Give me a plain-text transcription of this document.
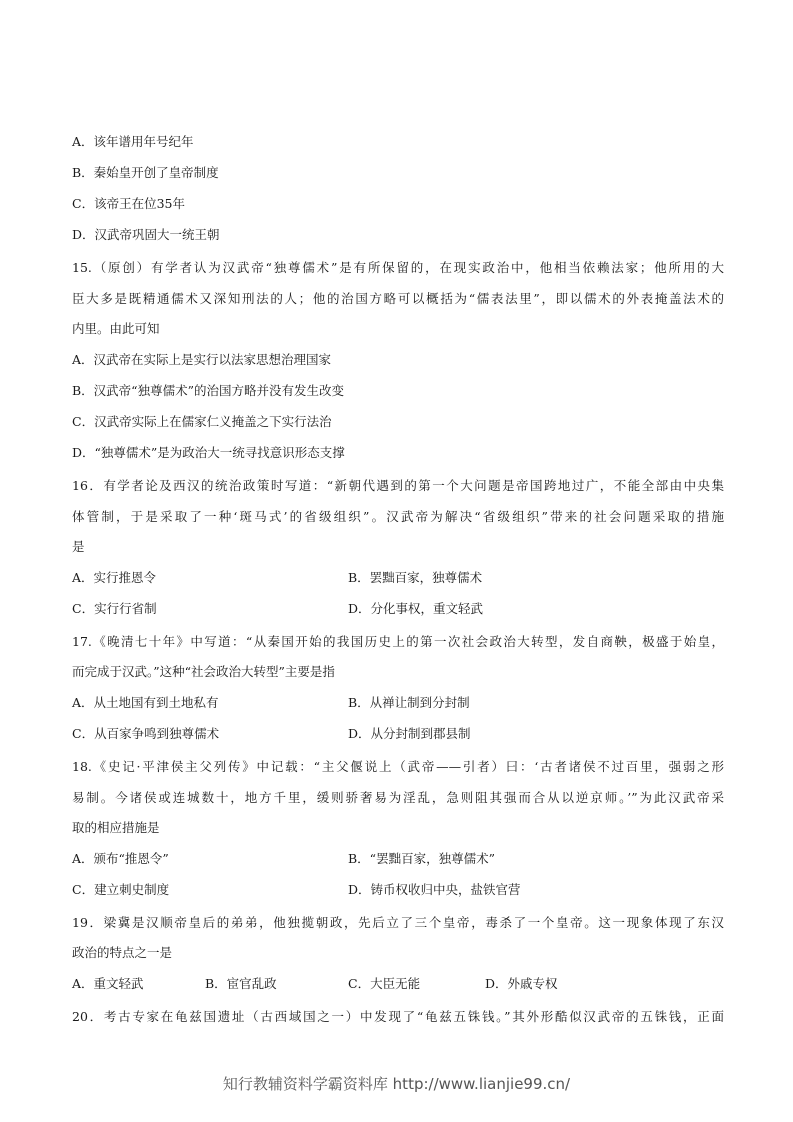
A．该年谱用年号纪年
B．秦始皇开创了皇帝制度
C．该帝王在位35年
D．汉武帝巩固大一统王朝
15.（原创）有学者认为汉武帝“独尊儒术”是有所保留的，在现实政治中，他相当依赖法家；他所用的大
臣大多是既精通儒术又深知刑法的人；他的治国方略可以概括为“儒表法里”，即以儒术的外表掩盖法术的
内里。由此可知
A．汉武帝在实际上是实行以法家思想治理国家
B．汉武帝“独尊儒术”的治国方略并没有发生改变
C．汉武帝实际上在儒家仁义掩盖之下实行法治
D．“独尊儒术”是为政治大一统寻找意识形态支撑
16．有学者论及西汉的统治政策时写道：“新朝代遇到的第一个大问题是帝国跨地过广，不能全部由中央集
体管制，于是采取了一种‘斑马式’的省级组织”。汉武帝为解决“省级组织”带来的社会问题采取的措施
是
A．实行推恩令	B．罢黜百家，独尊儒术
C．实行行省制	D．分化事权，重文轻武
17.《晚清七十年》中写道：“从秦国开始的我国历史上的第一次社会政治大转型，发自商鞅，极盛于始皇，
而完成于汉武。”这种“社会政治大转型”主要是指
A．从土地国有到土地私有	B．从禅让制到分封制
C．从百家争鸣到独尊儒术	D．从分封制到郡县制
18.《史记·平津侯主父列传》中记载：“主父偃说上（武帝——引者）曰：‘古者诸侯不过百里，强弱之形
易制。今诸侯或连城数十，地方千里，缓则骄奢易为淫乱，急则阻其强而合从以逆京师。’”为此汉武帝采
取的相应措施是
A．颁布“推恩令”	B．“罢黜百家，独尊儒术”
C．建立刺史制度	D．铸币权收归中央，盐铁官营
19．梁冀是汉顺帝皇后的弟弟，他独揽朝政，先后立了三个皇帝，毒杀了一个皇帝。这一现象体现了东汉
政治的特点之一是
A．重文轻武	B．宦官乱政	C．大臣无能	D．外戚专权
20．考古专家在龟兹国遗址（古西域国之一）中发现了“龟兹五铢钱。”其外形酷似汉武帝的五铢钱，正面
知行教辅资料学霸资料库 http://www.lianjie99.cn/
